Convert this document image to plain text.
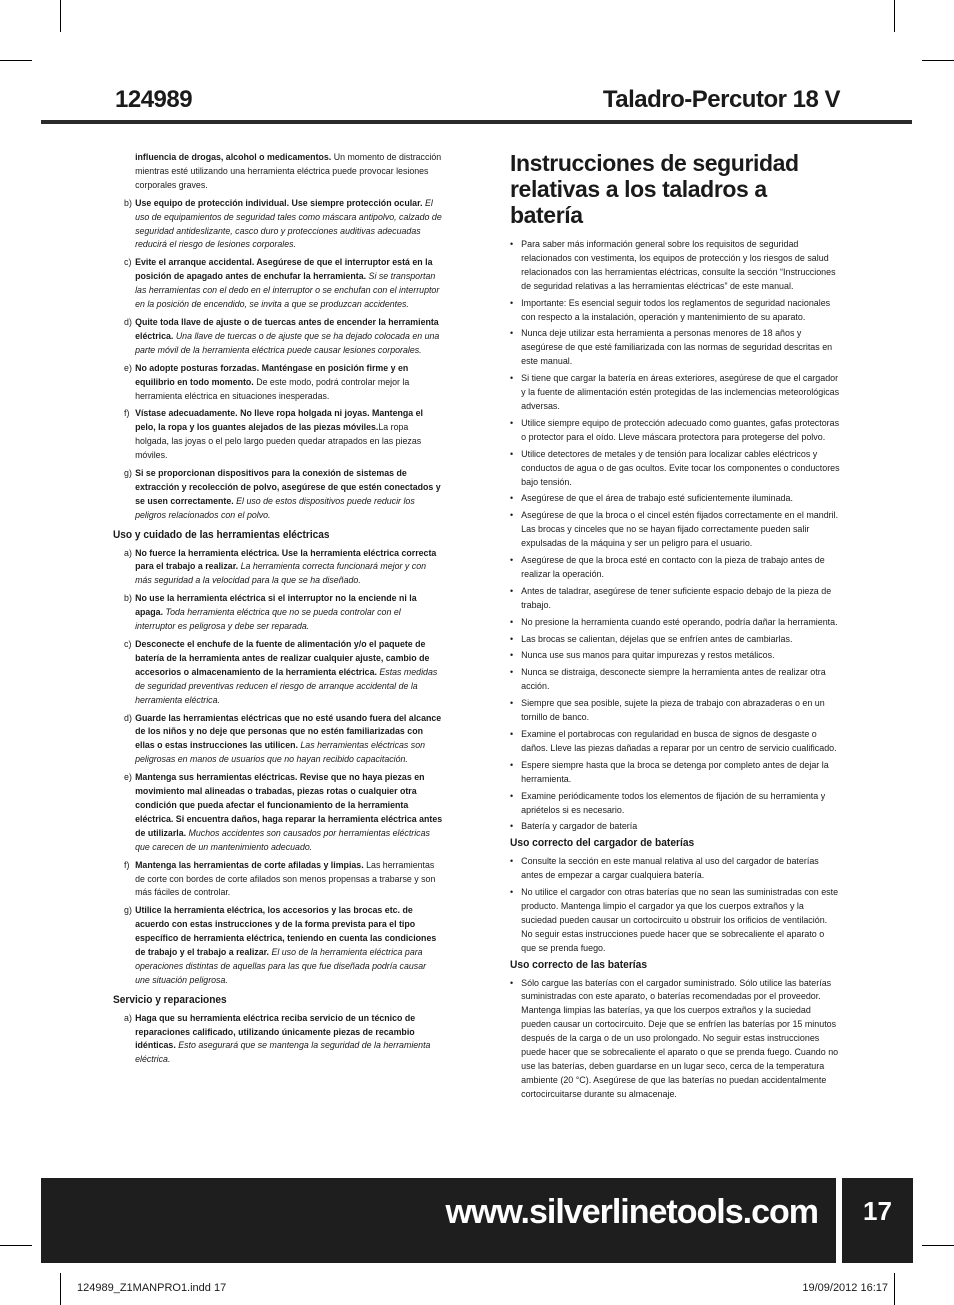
124989	Taladro-Percutor 18 V
influencia de drogas, alcohol o medicamentos. Un momento de distracción mientras esté utilizando una herramienta eléctrica puede provocar lesiones corporales graves.
b) Use equipo de protección individual. Use siempre protección ocular. El uso de equipamientos de seguridad tales como máscara antipolvo, calzado de seguridad antideslizante, casco duro y protecciones auditivas adecuadas reducirá el riesgo de lesiones corporales.
c) Evite el arranque accidental. Asegúrese de que el interruptor está en la posición de apagado antes de enchufar la herramienta. Si se transportan las herramientas con el dedo en el interruptor o se enchufan con el interruptor en la posición de encendido, se invita a que se produzcan accidentes.
d) Quite toda llave de ajuste o de tuercas antes de encender la herramienta eléctrica. Una llave de tuercas o de ajuste que se ha dejado colocada en una parte móvil de la herramienta eléctrica puede causar lesiones corporales.
e) No adopte posturas forzadas. Manténgase en posición firme y en equilibrio en todo momento. De este modo, podrá controlar mejor la herramienta eléctrica en situaciones inesperadas.
f) Vístase adecuadamente. No lleve ropa holgada ni joyas. Mantenga el pelo, la ropa y los guantes alejados de las piezas móviles.La ropa holgada, las joyas o el pelo largo pueden quedar atrapados en las piezas móviles.
g) Si se proporcionan dispositivos para la conexión de sistemas de extracción y recolección de polvo, asegúrese de que estén conectados y se usen correctamente. El uso de estos dispositivos puede reducir los peligros relacionados con el polvo.
Uso y cuidado de las herramientas eléctricas
a) No fuerce la herramienta eléctrica. Use la herramienta eléctrica correcta para el trabajo a realizar. La herramienta correcta funcionará mejor y con más seguridad a la velocidad para la que se ha diseñado.
b) No use la herramienta eléctrica si el interruptor no la enciende ni la apaga. Toda herramienta eléctrica que no se pueda controlar con el interruptor es peligrosa y debe ser reparada.
c) Desconecte el enchufe de la fuente de alimentación y/o el paquete de batería de la herramienta antes de realizar cualquier ajuste, cambio de accesorios o almacenamiento de la herramienta eléctrica. Estas medidas de seguridad preventivas reducen el riesgo de arranque accidental de la herramienta eléctrica.
d) Guarde las herramientas eléctricas que no esté usando fuera del alcance de los niños y no deje que personas que no estén familiarizadas con ellas o estas instrucciones las utilicen. Las herramientas eléctricas son peligrosas en manos de usuarios que no hayan recibido capacitación.
e) Mantenga sus herramientas eléctricas. Revise que no haya piezas en movimiento mal alineadas o trabadas, piezas rotas o cualquier otra condición que pueda afectar el funcionamiento de la herramienta eléctrica. Si encuentra daños, haga reparar la herramienta eléctrica antes de utilizarla. Muchos accidentes son causados por herramientas eléctricas que carecen de un mantenimiento adecuado.
f) Mantenga las herramientas de corte afiladas y limpias. Las herramientas de corte con bordes de corte afilados son menos propensas a trabarse y son más fáciles de controlar.
g) Utilice la herramienta eléctrica, los accesorios y las brocas etc. de acuerdo con estas instrucciones y de la forma prevista para el tipo específico de herramienta eléctrica, teniendo en cuenta las condiciones de trabajo y el trabajo a realizar. El uso de la herramienta eléctrica para operaciones distintas de aquellas para las que fue diseñada podría causar une situación peligrosa.
Servicio y reparaciones
a) Haga que su herramienta eléctrica reciba servicio de un técnico de reparaciones calificado, utilizando únicamente piezas de recambio idénticas. Esto asegurará que se mantenga la seguridad de la herramienta eléctrica.
Instrucciones de seguridad relativas a los taladros a batería
• Para saber más información general sobre los requisitos de seguridad relacionados con vestimenta, los equipos de protección y los riesgos de salud relacionados con las herramientas eléctricas, consulte la sección “Instrucciones de seguridad relativas a las herramientas eléctricas” de este manual.
• Importante: Es esencial seguir todos los reglamentos de seguridad nacionales con respecto a la instalación, operación y mantenimiento de su aparato.
• Nunca deje utilizar esta herramienta a personas menores de 18 años y asegúrese de que esté familiarizada con las normas de seguridad descritas en este manual.
• Si tiene que cargar la batería en áreas exteriores, asegúrese de que el cargador y la fuente de alimentación estén protegidas de las inclemencias meteorológicas adversas.
• Utilice siempre equipo de protección adecuado como guantes, gafas protectoras o protector para el oído. Lleve máscara protectora para protegerse del polvo.
• Utilice detectores de metales y de tensión para localizar cables eléctricos y conductos de agua o de gas ocultos. Evite tocar los componentes o conductores bajo tensión.
• Asegúrese de que el área de trabajo esté suficientemente iluminada.
• Asegúrese de que la broca o el cincel estén fijados correctamente en el mandril. Las brocas y cinceles que no se hayan fijado correctamente pueden salir expulsadas de la máquina y ser un peligro para el usuario.
• Asegúrese de que la broca esté en contacto con la pieza de trabajo antes de realizar la operación.
• Antes de taladrar, asegúrese de tener suficiente espacio debajo de la pieza de trabajo.
• No presione la herramienta cuando esté operando, podría dañar la herramienta.
• Las brocas se calientan, déjelas que se enfríen antes de cambiarlas.
• Nunca use sus manos para quitar impurezas y restos metálicos.
• Nunca se distraiga, desconecte siempre la herramienta antes de realizar otra acción.
• Siempre que sea posible, sujete la pieza de trabajo con abrazaderas o en un tornillo de banco.
• Examine el portabrocas con regularidad en busca de signos de desgaste o daños. Lleve las piezas dañadas a reparar por un centro de servicio cualificado.
• Espere siempre hasta que la broca se detenga por completo antes de dejar la herramienta.
• Examine periódicamente todos los elementos de fijación de su herramienta y apriételos si es necesario.
• Batería y cargador de batería
Uso correcto del cargador de baterías
• Consulte la sección en este manual relativa al uso del cargador de baterías antes de empezar a cargar cualquiera batería.
• No utilice el cargador con otras baterías que no sean las suministradas con este producto. Mantenga limpio el cargador ya que los cuerpos extraños y la suciedad pueden causar un cortocircuito u obstruir los orificios de ventilación. No seguir estas instrucciones puede hacer que se sobrecaliente el aparato o que se prenda fuego.
Uso correcto de las baterías
• Sólo cargue las baterías con el cargador suministrado. Sólo utilice las baterías suministradas con este aparato, o baterías recomendadas por el proveedor. Mantenga limpias las baterías, ya que los cuerpos extraños y la suciedad pueden causar un cortocircuito. Deje que se enfríen las baterías por 15 minutos después de la carga o de un uso prolongado. No seguir estas instrucciones puede hacer que se sobrecaliente el aparato o que se prenda fuego. Cuando no use las baterías, deben guardarse en un lugar seco, cerca de la temperatura ambiente (20 °C). Asegúrese de que las baterías no puedan accidentalmente cortocircuitarse durante su almacenaje.
www.silverlinetools.com	17
124989_Z1MANPRO1.indd 17	19/09/2012 16:17
